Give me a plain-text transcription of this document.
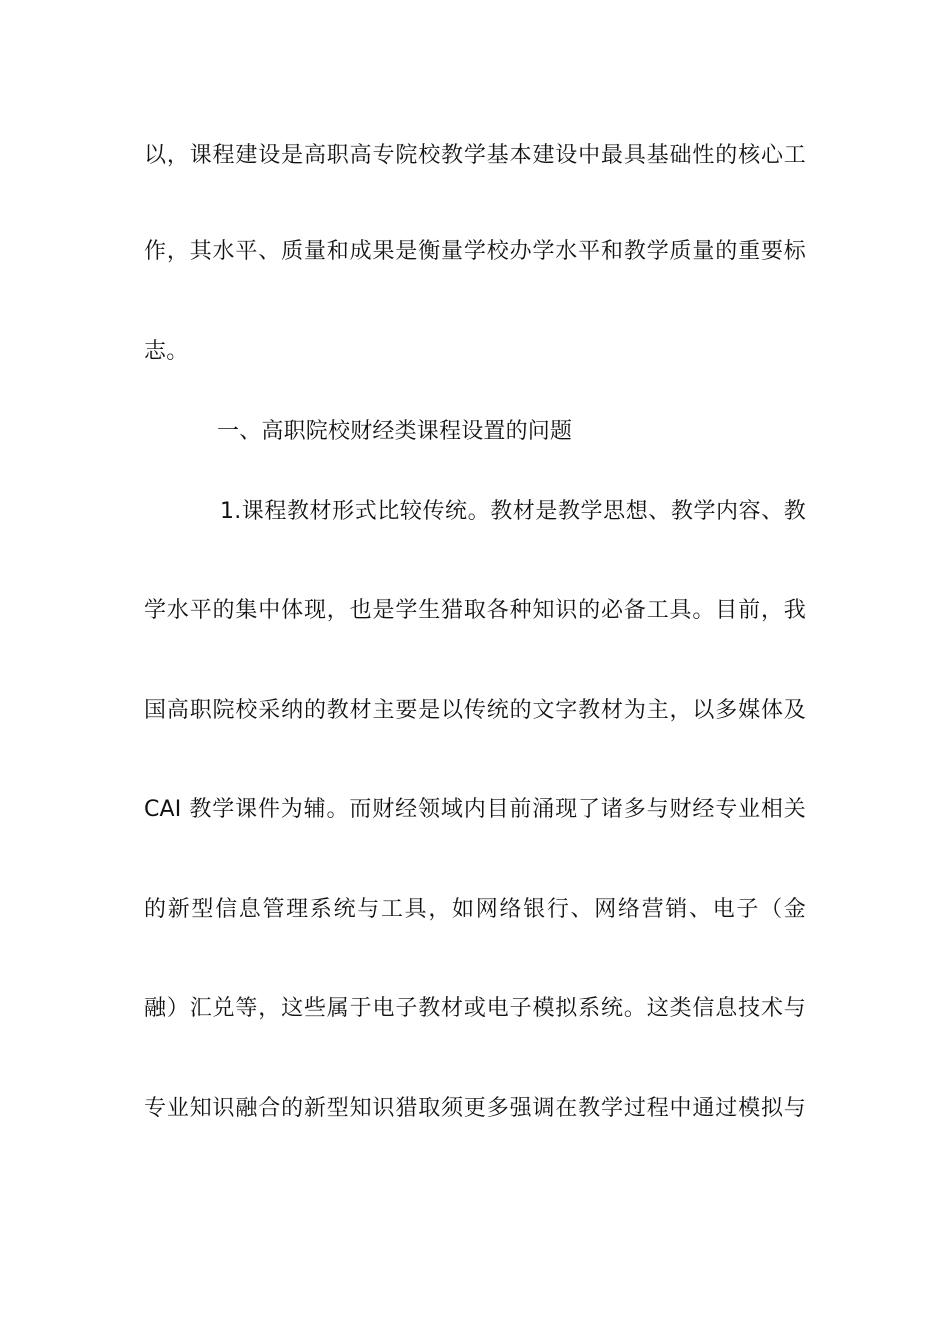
以，课程建设是高职高专院校教学基本建设中最具基础性的核心工
作，其水平、质量和成果是衡量学校办学水平和教学质量的重要标
志。
一、高职院校财经类课程设置的问题
1.课程教材形式比较传统。教材是教学思想、教学内容、教
学水平的集中体现，也是学生猎取各种知识的必备工具。目前，我
国高职院校采纳的教材主要是以传统的文字教材为主，以多媒体及
CAI 教学课件为辅。而财经领域内目前涌现了诸多与财经专业相关
的新型信息管理系统与工具，如网络银行、网络营销、电子（金
融）汇兑等，这些属于电子教材或电子模拟系统。这类信息技术与
专业知识融合的新型知识猎取须更多强调在教学过程中通过模拟与
